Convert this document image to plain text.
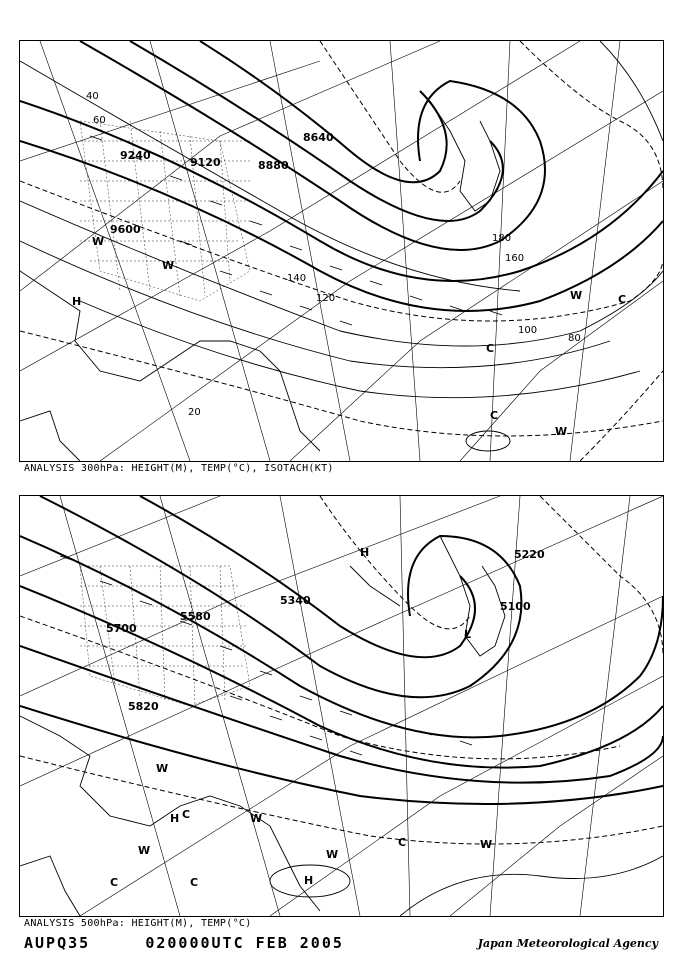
9240
9120	8880
8640
9600
40
60
80
100
120
140
160
180
20
H
W
W
C
C
W	C
W
ANALYSIS 300hPa: HEIGHT(M), TEMP(°C), ISOTACH(KT)
5700
5580
5340	5100
5220
5820
H
L
W
C
W
H
C	C
W
C	W
H
W
ANALYSIS 500hPa: HEIGHT(M), TEMP(°C)
AUPQ35     020000UTC FEB 2005	Japan Meteorological Agency
